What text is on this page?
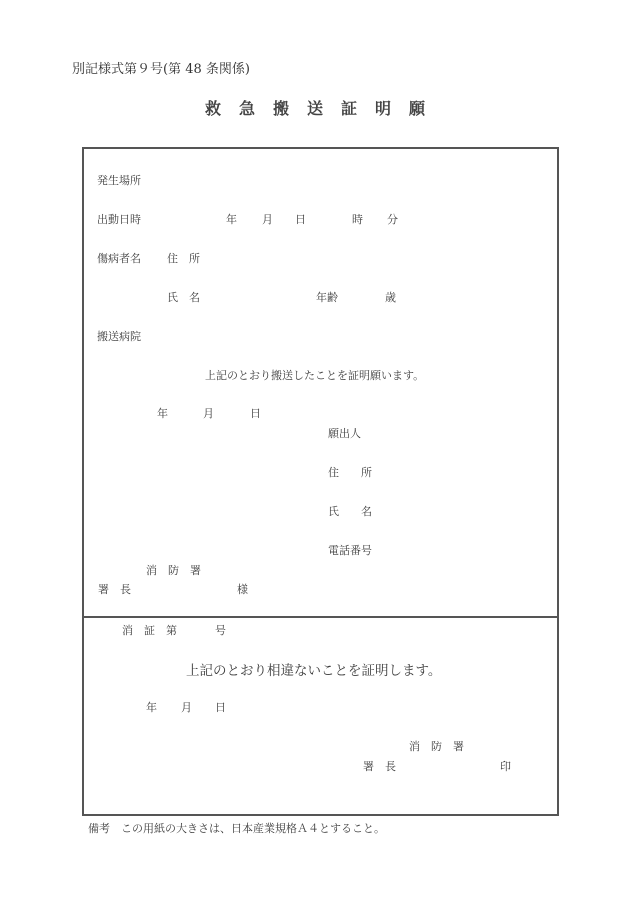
別記様式第９号(第 48 条関係)
救　急　搬　送　証　明　願
発生場所
出動日時	年 月 日	時 分
傷病者名 住　所
氏　名	年齢	歳
搬送病院
上記のとおり搬送したことを証明願います。
年	月	日
願出人
住　　所
氏　　名
電話番号
消　防　署
署　長	様
消　証　第	号
上記のとおり相違ないことを証明します。
年 月 日
消　防　署
署　長	印
備考　この用紙の大きさは、日本産業規格Ａ４とすること。
